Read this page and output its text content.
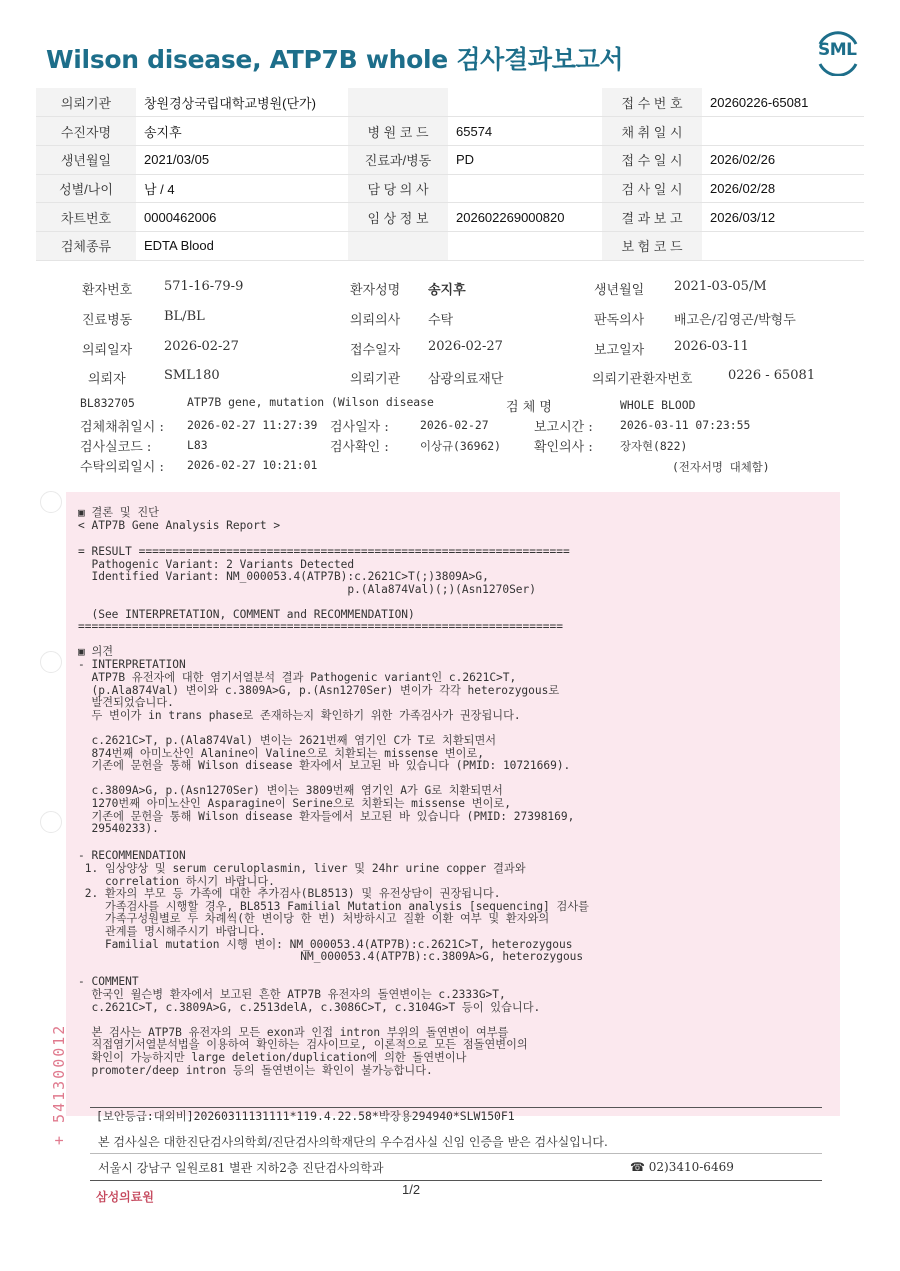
Wilson disease, ATP7B whole 검사결과보고서	SML
의뢰기관	창원경상국립대학교병원(단가)			접 수 번 호	20260226-65081
수진자명	송지후	병 원 코 드	65574	채 취 일 시	
생년월일	2021/03/05	진료과/병동	PD	접 수 일 시	2026/02/26
성별/나이	남 / 4	담 당 의 사		검 사 일 시	2026/02/28
차트번호	0000462006	임 상 정 보	202602269000820	결 과 보 고	2026/03/12
검체종류	EDTA Blood			보 험 코 드	
환자번호 571-16-79-9	환자성명 송지후	생년월일 2021-03-05/M
진료병동 BL/BL	의뢰의사 수탁	판독의사 배고은/김영곤/박형두
의뢰일자 2026-02-27	접수일자 2026-02-27	보고일자 2026-03-11
의뢰자	SML180	의뢰기관 삼광의료재단	의뢰기관환자번호	0226 - 65081
BL832705	ATP7B gene, mutation (Wilson disease	검 체 명	WHOLE BLOOD
검체채취일시 : 2026-02-27 11:27:39 검사일자 :	2026-02-27	보고시간 : 2026-03-11 07:23:55
검사실코드 :	L83	검사확인 :	이상규(36962)	확인의사 : 장자현(822)
수탁의뢰일시 : 2026-02-27 10:21:01	(전자서명 대체함)
▣ 결론 및 진단
< ATP7B Gene Analysis Report >
= RESULT ================================================================
Pathogenic Variant: 2 Variants Detected
Identified Variant: NM_000053.4(ATP7B):c.2621C>T(;)3809A>G,
p.(Ala874Val)(;)(Asn1270Ser)
(See INTERPRETATION, COMMENT and RECOMMENDATION)
========================================================================
▣ 의견
- INTERPRETATION
ATP7B 유전자에 대한 염기서열분석 결과 Pathogenic variant인 c.2621C>T,
(p.Ala874Val) 변이와 c.3809A>G, p.(Asn1270Ser) 변이가 각각 heterozygous로
발견되었습니다.
두 변이가 in trans phase로 존재하는지 확인하기 위한 가족검사가 권장됩니다.
c.2621C>T, p.(Ala874Val) 변이는 2621번째 염기인 C가 T로 치환되면서
874번째 아미노산인 Alanine이 Valine으로 치환되는 missense 변이로,
기존에 문헌을 통해 Wilson disease 환자에서 보고된 바 있습니다 (PMID: 10721669).
c.3809A>G, p.(Asn1270Ser) 변이는 3809번째 염기인 A가 G로 치환되면서
1270번째 아미노산인 Asparagine이 Serine으로 치환되는 missense 변이로,
기존에 문헌을 통해 Wilson disease 환자들에서 보고된 바 있습니다 (PMID: 27398169,
29540233).
- RECOMMENDATION
1. 임상양상 및 serum ceruloplasmin, liver 및 24hr urine copper 결과와
correlation 하시기 바랍니다.
2. 환자의 부모 등 가족에 대한 추가검사(BL8513) 및 유전상담이 권장됩니다.
가족검사를 시행할 경우, BL8513 Familial Mutation analysis [sequencing] 검사를
가족구성원별로 두 차례씩(한 변이당 한 번) 처방하시고 질환 이환 여부 및 환자와의
관계를 명시해주시기 바랍니다.
Familial mutation 시행 변이: NM_000053.4(ATP7B):c.2621C>T, heterozygous
NM_000053.4(ATP7B):c.3809A>G, heterozygous
- COMMENT
한국인 윌슨병 환자에서 보고된 흔한 ATP7B 유전자의 돌연변이는 c.2333G>T,
c.2621C>T, c.3809A>G, c.2513delA, c.3086C>T, c.3104G>T 등이 있습니다.
본 검사는 ATP7B 유전자의 모든 exon과 인접 intron 부위의 돌연변이 여부를
직접염기서열분석법을 이용하여 확인하는 검사이므로, 이론적으로 모든 점돌연변이의
확인이 가능하지만 large deletion/duplication에 의한 돌연변이나
promoter/deep intron 등의 돌연변이는 확인이 불가능합니다.
+ 541300012 [보안등급:대외비]20260311131111*119.4.22.58*박장용294940*SLW150F1
본 검사실은 대한진단검사의학회/진단검사의학재단의 우수검사실 신임 인증을 받은 검사실입니다.
서울시 강남구 일원로81 별관 지하2층 진단검사의학과	☎ 02)3410-6469
삼성의료원	1/2
